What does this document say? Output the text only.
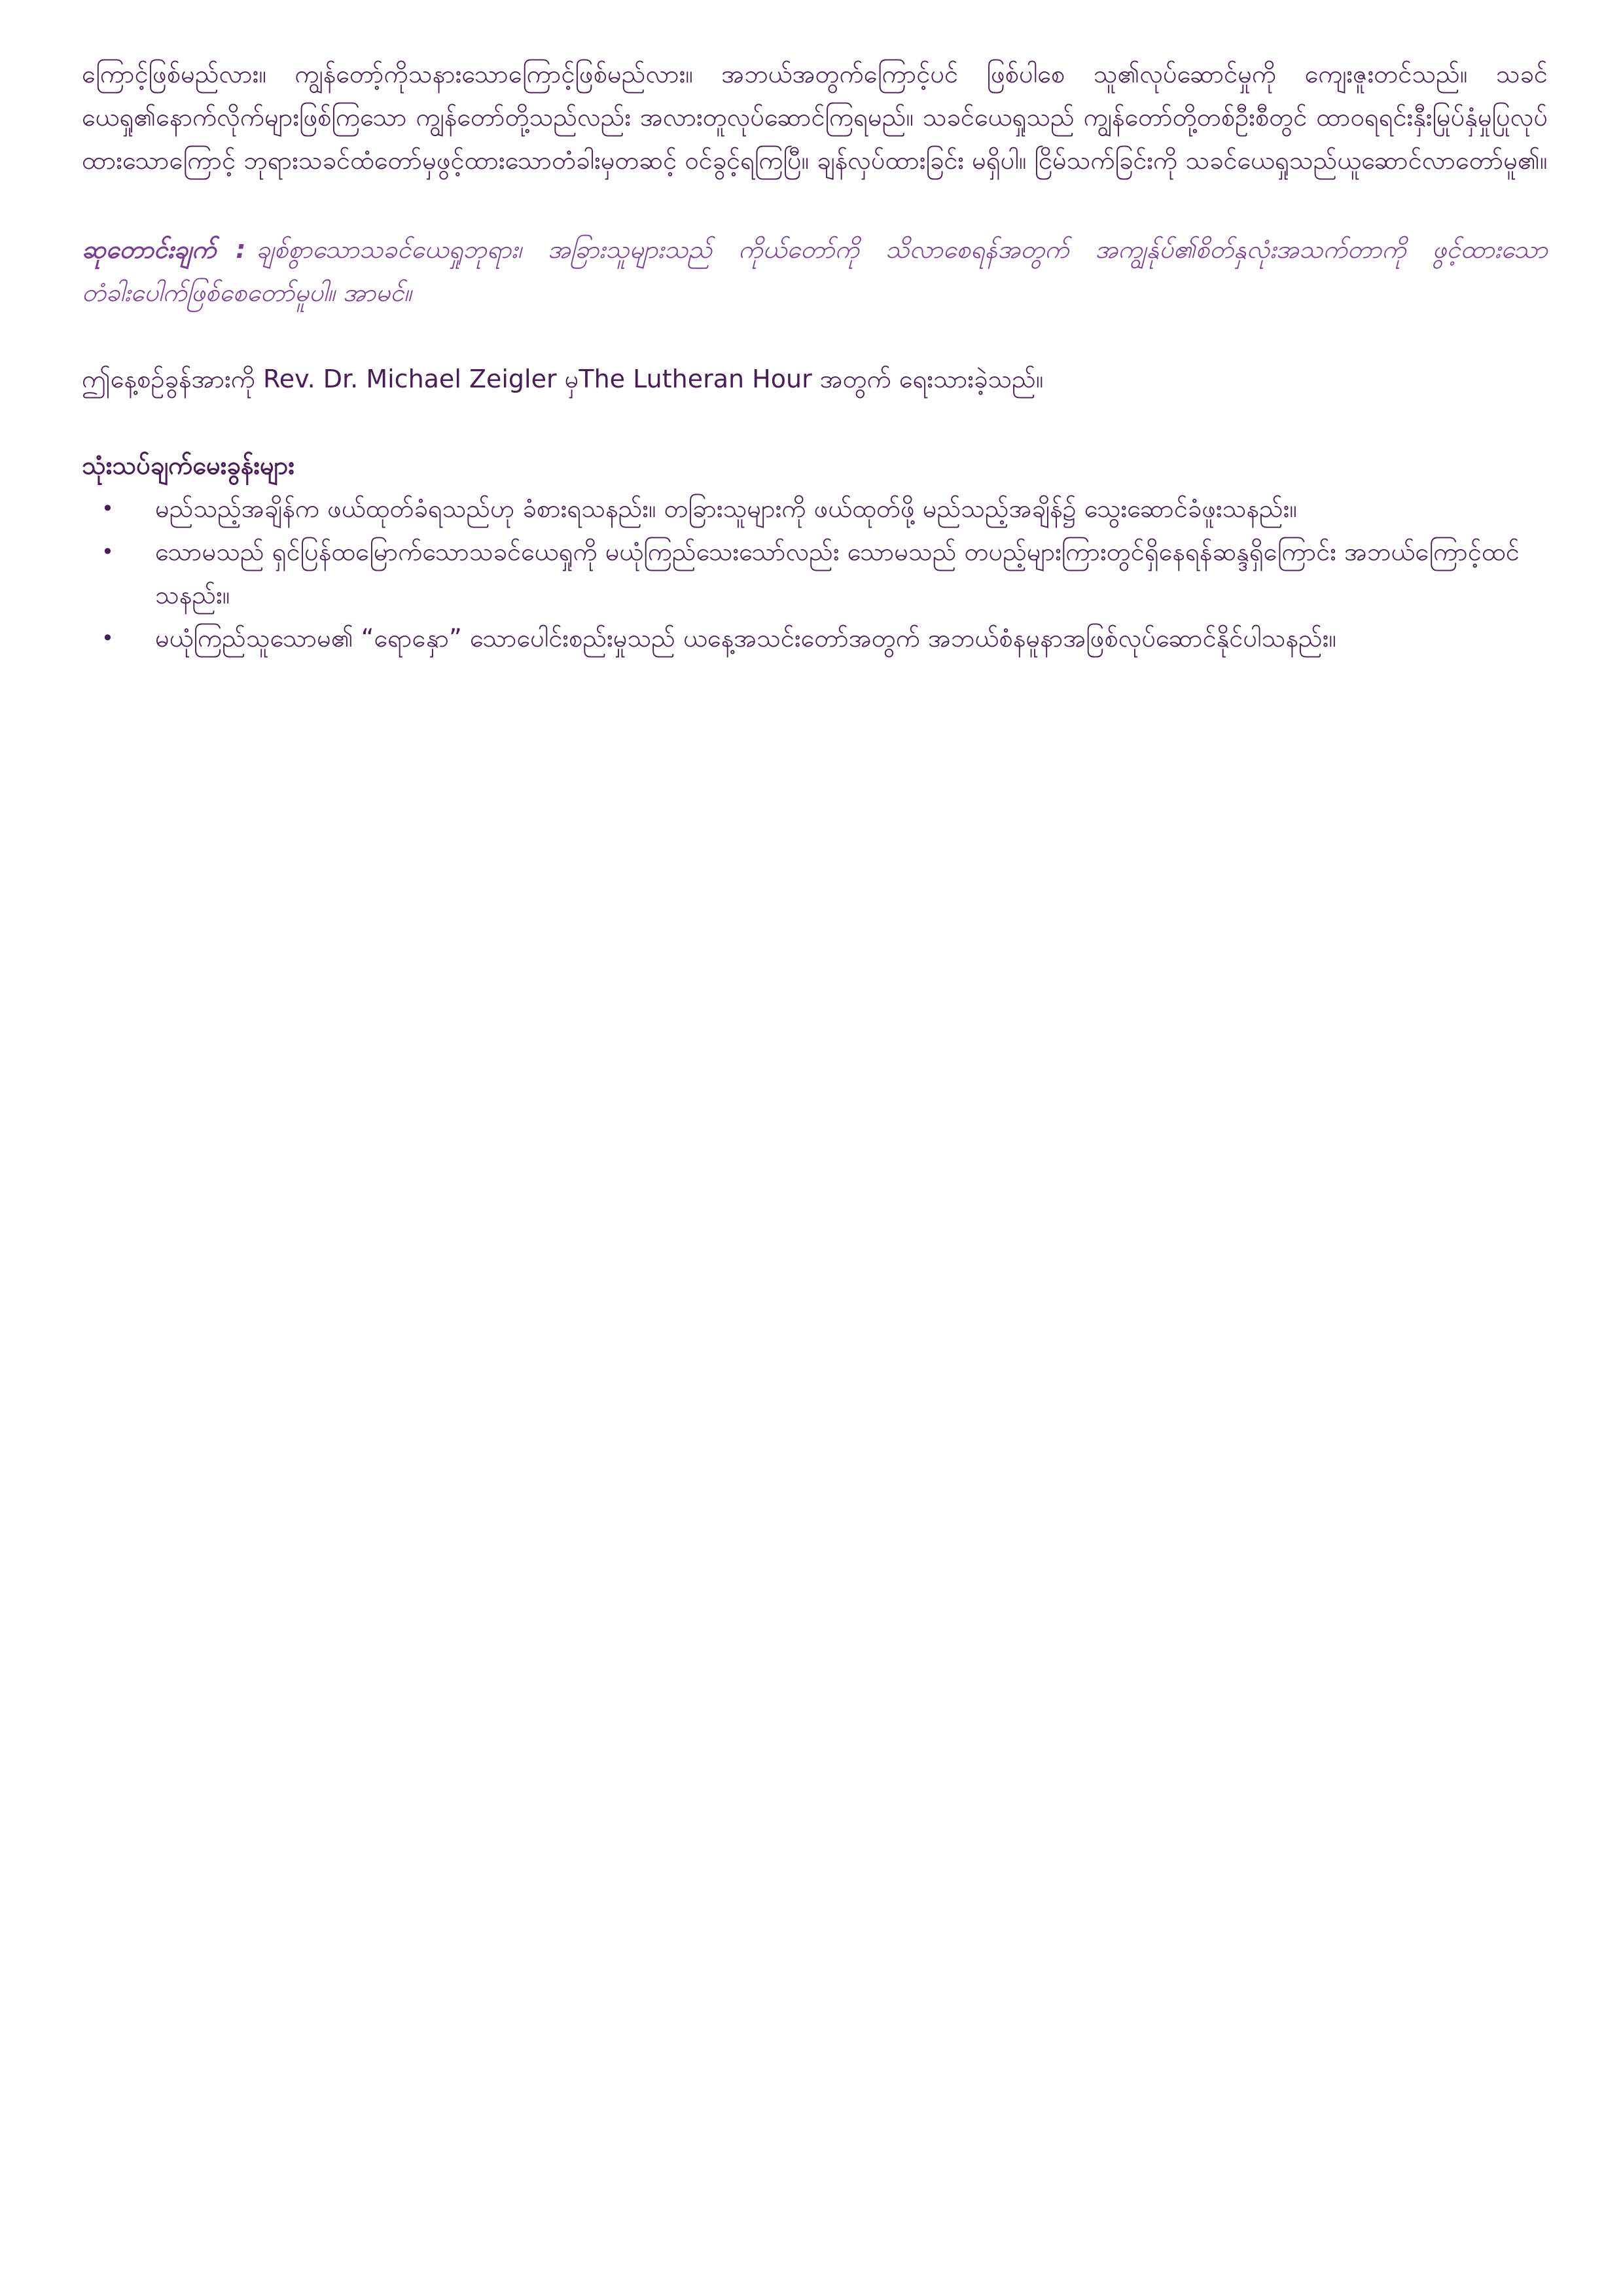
ကြောင့်ဖြစ်မည်လား။ ကျွန်တော့်ကိုသနားသောကြောင့်ဖြစ်မည်လား။ အဘယ်အတွက်ကြောင့်ပင် ဖြစ်ပါစေ သူ၏လုပ်ဆောင်မှုကို ကျေးဇူးတင်သည်။ သခင်ယေရှု၏နောက်လိုက်များဖြစ်ကြသော ကျွန်တော်တို့သည်လည်း အလားတူလုပ်ဆောင်ကြရမည်။ သခင်ယေရှုသည် ကျွန်တော်တို့တစ်ဦးစီတွင် ထာဝရရင်းနှီးမြုပ်နှံမှုပြုလုပ်ထားသောကြောင့် ဘုရားသခင်ထံတော်မှဖွင့်ထားသောတံခါးမှတဆင့် ဝင်ခွင့်ရကြပြီ။ ချန်လှပ်ထားခြင်း မရှိပါ။ ငြိမ်သက်ခြင်းကို သခင်ယေရှုသည်ယူဆောင်လာတော်မူ၏။

ဆုတောင်းချက် : ချစ်စွာသောသခင်ယေရှုဘုရား၊ အခြားသူများသည် ကိုယ်တော်ကို သိလာစေရန်အတွက် အကျွန်ုပ်၏စိတ်နှလုံးအသက်တာကို ဖွင့်ထားသောတံခါးပေါက်ဖြစ်စေတော်မူပါ။ အာမင်။

ဤနေ့စဉ်ခွန်အားကို Rev. Dr. Michael Zeigler မှThe Lutheran Hour အတွက် ရေးသားခဲ့သည်။

သုံးသပ်ချက်မေးခွန်းများ
• မည်သည့်အချိန်က ဖယ်ထုတ်ခံရသည်ဟု ခံစားရသနည်း။ တခြားသူများကို ဖယ်ထုတ်ဖို့ မည်သည့်အချိန်၌ သွေးဆောင်ခံဖူးသနည်း။
• သောမသည် ရှင်ပြန်ထမြောက်သောသခင်ယေရှုကို မယုံကြည်သေးသော်လည်း သောမသည် တပည့်များကြားတွင်ရှိနေရန်ဆန္ဒရှိကြောင်း အဘယ်ကြောင့်ထင်သနည်း။
• မယုံကြည်သူသောမ၏ “ရောနှော” သောပေါင်းစည်းမှုသည် ယနေ့အသင်းတော်အတွက် အဘယ်စံနမူနာအဖြစ်လုပ်ဆောင်နိုင်ပါသနည်း။
